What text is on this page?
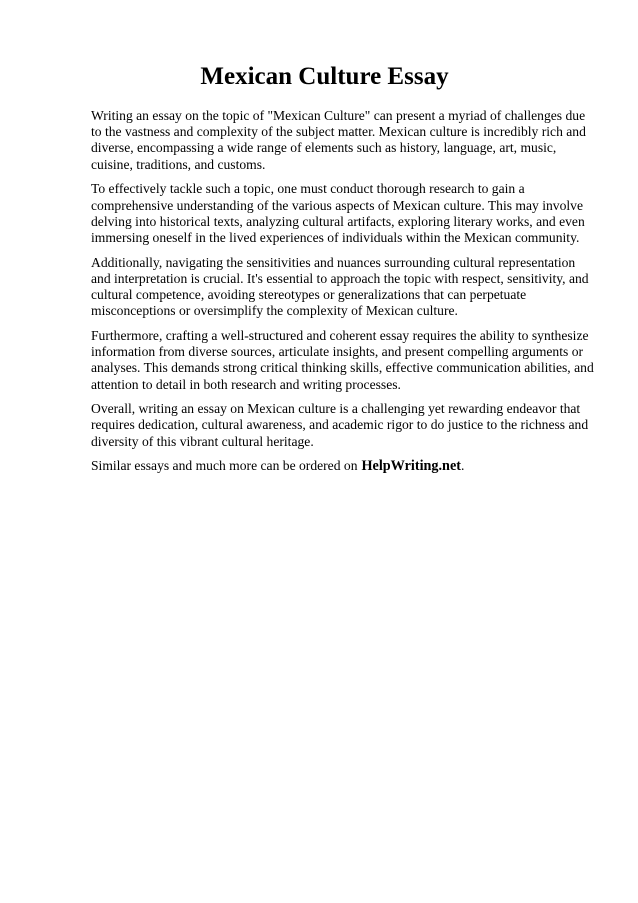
Mexican Culture Essay

Writing an essay on the topic of "Mexican Culture" can present a myriad of challenges due to the vastness and complexity of the subject matter. Mexican culture is incredibly rich and diverse, encompassing a wide range of elements such as history, language, art, music, cuisine, traditions, and customs.

To effectively tackle such a topic, one must conduct thorough research to gain a comprehensive understanding of the various aspects of Mexican culture. This may involve delving into historical texts, analyzing cultural artifacts, exploring literary works, and even immersing oneself in the lived experiences of individuals within the Mexican community.

Additionally, navigating the sensitivities and nuances surrounding cultural representation and interpretation is crucial. It's essential to approach the topic with respect, sensitivity, and cultural competence, avoiding stereotypes or generalizations that can perpetuate misconceptions or oversimplify the complexity of Mexican culture.

Furthermore, crafting a well-structured and coherent essay requires the ability to synthesize information from diverse sources, articulate insights, and present compelling arguments or analyses. This demands strong critical thinking skills, effective communication abilities, and attention to detail in both research and writing processes.

Overall, writing an essay on Mexican culture is a challenging yet rewarding endeavor that requires dedication, cultural awareness, and academic rigor to do justice to the richness and diversity of this vibrant cultural heritage.

Similar essays and much more can be ordered on HelpWriting.net.
